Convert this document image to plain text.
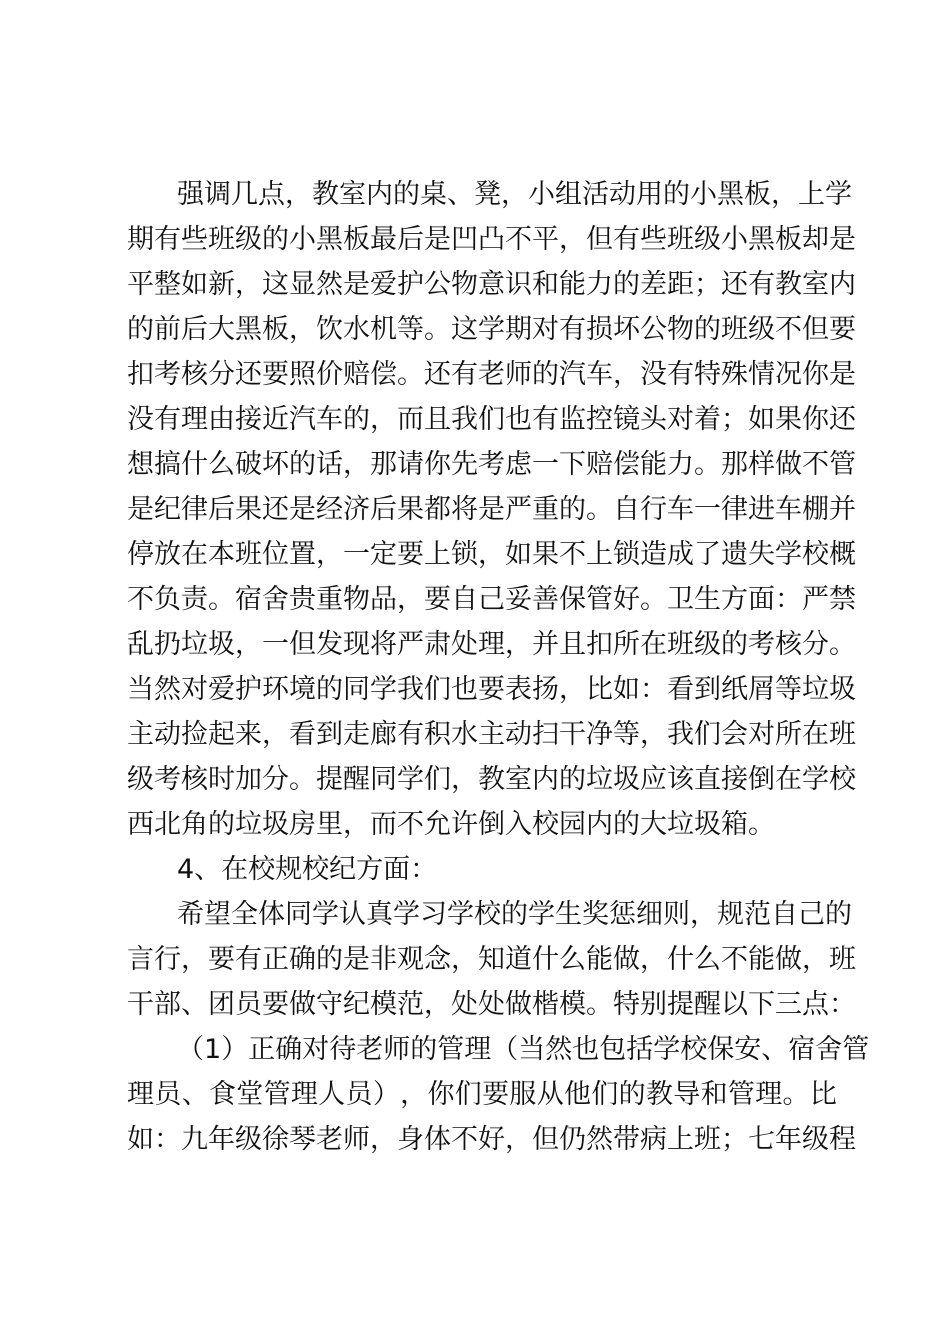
强 调 几 点 ， 教 室 内 的 桌 、 凳 ， 小 组 活 动 用 的 小 黑 板 ， 上 学
期 有 些 班 级 的 小 黑 板 最 后 是 凹 凸 不 平 ， 但 有 些 班 级 小 黑 板 却 是
平 整 如 新 ， 这 显 然 是 爱 护 公 物 意 识 和 能 力 的 差 距 ； 还 有 教 室 内
的 前 后 大 黑 板 ， 饮 水 机 等 。 这 学 期 对 有 损 坏 公 物 的 班 级 不 但 要
扣 考 核 分 还 要 照 价 赔 偿 。 还 有 老 师 的 汽 车 ， 没 有 特 殊 情 况 你 是
没 有 理 由 接 近 汽 车 的 ， 而 且 我 们 也 有 监 控 镜 头 对 着 ； 如 果 你 还
想 搞 什 么 破 坏 的 话 ， 那 请 你 先 考 虑 一 下 赔 偿 能 力 。 那 样 做 不 管
是 纪 律 后 果 还 是 经 济 后 果 都 将 是 严 重 的 。 自 行 车 一 律 进 车 棚 并
停 放 在 本 班 位 置 ， 一 定 要 上 锁 ， 如 果 不 上 锁 造 成 了 遗 失 学 校 概
不 负 责 。 宿 舍 贵 重 物 品 ， 要 自 己 妥 善 保 管 好 。 卫 生 方 面 ： 严 禁
乱 扔 垃 圾 ， 一 但 发 现 将 严 肃 处 理 ， 并 且 扣 所 在 班 级 的 考 核 分 。
当 然 对 爱 护 环 境 的 同 学 我 们 也 要 表 扬 ， 比 如 ： 看 到 纸 屑 等 垃 圾
主 动 捡 起 来 ， 看 到 走 廊 有 积 水 主 动 扫 干 净 等 ， 我 们 会 对 所 在 班
级 考 核 时 加 分 。 提 醒 同 学 们 ， 教 室 内 的 垃 圾 应 该 直 接 倒 在 学 校
西北角的垃圾房里，而不允许倒入校园内的大垃圾箱。
4、在校规校纪方面：
希 望 全 体 同 学 认 真 学 习 学 校 的 学 生 奖 惩 细 则 ， 规 范 自 己 的
言 行 ， 要 有 正 确 的 是 非 观 念 ， 知 道 什 么 能 做 ， 什 么 不 能 做 ， 班
干 部 、 团 员 要 做 守 纪 模 范 ， 处 处 做 楷 模 。 特 别 提 醒 以 下 三 点 ：
（ 1 ） 正 确 对 待 老 师 的 管 理 （ 当 然 也 包 括 学 校 保 安 、 宿 舍 管
理 员 、 食 堂 管 理 人 员 ） ， 你 们 要 服 从 他 们 的 教 导 和 管 理 。 比
如 ： 九 年 级 徐 琴 老 师 ， 身 体 不 好 ， 但 仍 然 带 病 上 班 ； 七 年 级 程
